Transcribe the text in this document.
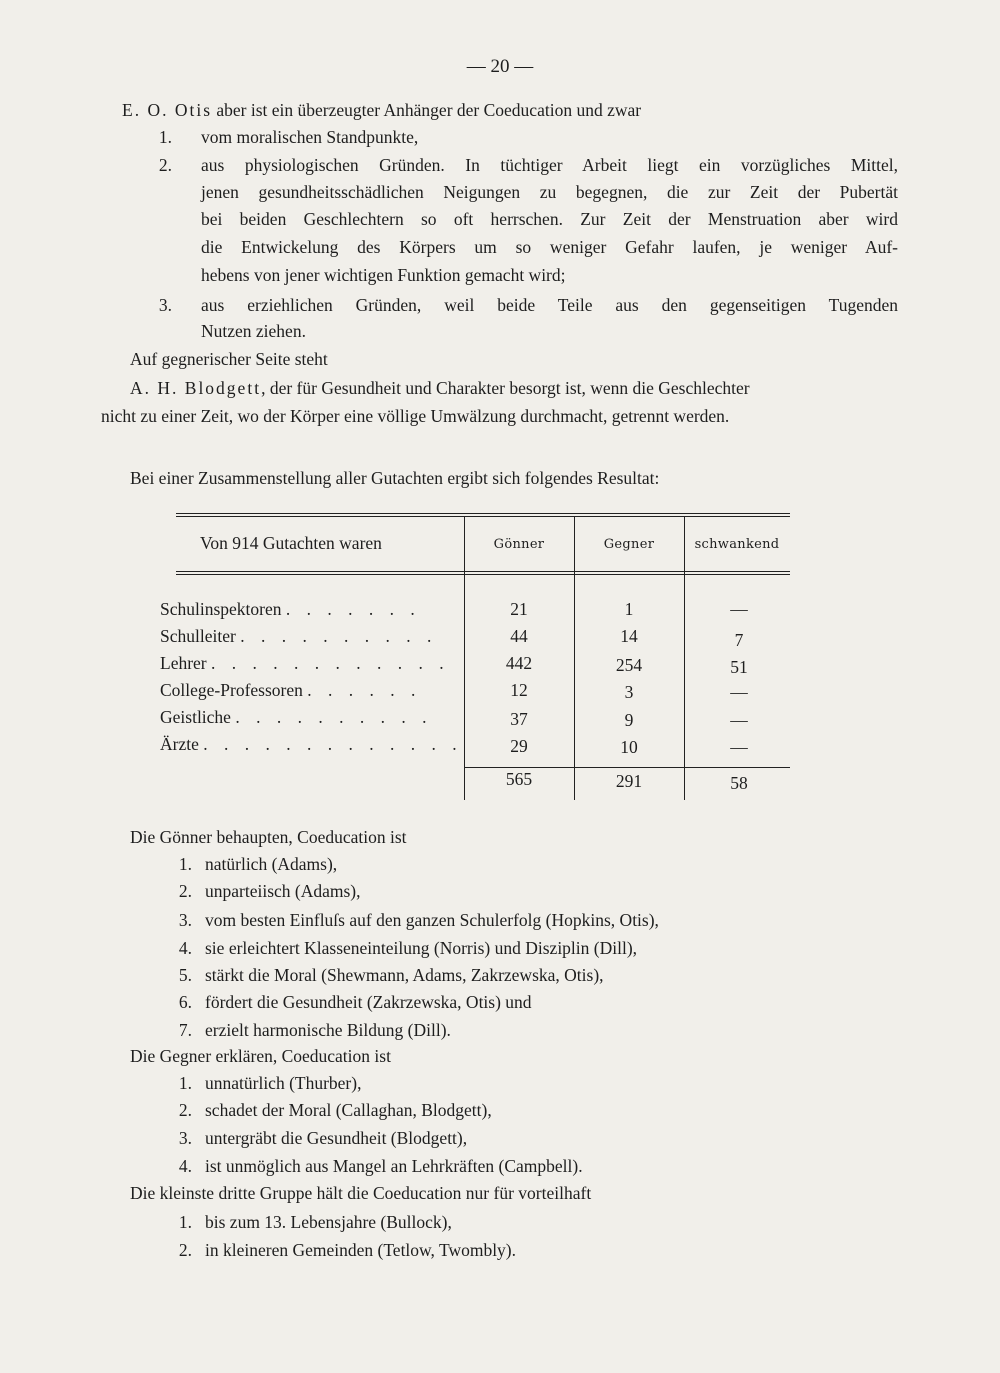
— 20 —
E. O. Otis aber ist ein überzeugter Anhänger der Coeducation und zwar
1. vom moralischen Standpunkte,
2. aus physiologischen Gründen. In tüchtiger Arbeit liegt ein vorzügliches Mittel,
jenen gesundheitsschädlichen Neigungen zu begegnen, die zur Zeit der Pubertät
bei beiden Geschlechtern so oft herrschen. Zur Zeit der Menstruation aber wird
die Entwickelung des Körpers um so weniger Gefahr laufen, je weniger Auf-
hebens von jener wichtigen Funktion gemacht wird;
3. aus erziehlichen Gründen, weil beide Teile aus den gegenseitigen Tugenden
Nutzen ziehen.
Auf gegnerischer Seite steht
A. H. Blodgett, der für Gesundheit und Charakter besorgt ist, wenn die Geschlechter
nicht zu einer Zeit, wo der Körper eine völlige Umwälzung durchmacht, getrennt werden.
Bei einer Zusammenstellung aller Gutachten ergibt sich folgendes Resultat:
Von 914 Gutachten waren	Gönner	Gegner	schwankend
Schulinspektoren . . . . . . .	21	1	—
Schulleiter . . . . . . . . . .	44	14	7
Lehrer . . . . . . . . . . . .	442	254	51
College-Professoren . . . . . .	12	3	—
Geistliche . . . . . . . . . .	37	9	—
Ärzte . . . . . . . . . . . . .	29	10	—
565	291	58
Die Gönner behaupten, Coeducation ist
1. natürlich (Adams),
2. unparteiisch (Adams),
3. vom besten Einfluſs auf den ganzen Schulerfolg (Hopkins, Otis),
4. sie erleichtert Klasseneinteilung (Norris) und Disziplin (Dill),
5. stärkt die Moral (Shewmann, Adams, Zakrzewska, Otis),
6. fördert die Gesundheit (Zakrzewska, Otis) und
7. erzielt harmonische Bildung (Dill).
Die Gegner erklären, Coeducation ist
1. unnatürlich (Thurber),
2. schadet der Moral (Callaghan, Blodgett),
3. untergräbt die Gesundheit (Blodgett),
4. ist unmöglich aus Mangel an Lehrkräften (Campbell).
Die kleinste dritte Gruppe hält die Coeducation nur für vorteilhaft
1. bis zum 13. Lebensjahre (Bullock),
2. in kleineren Gemeinden (Tetlow, Twombly).
